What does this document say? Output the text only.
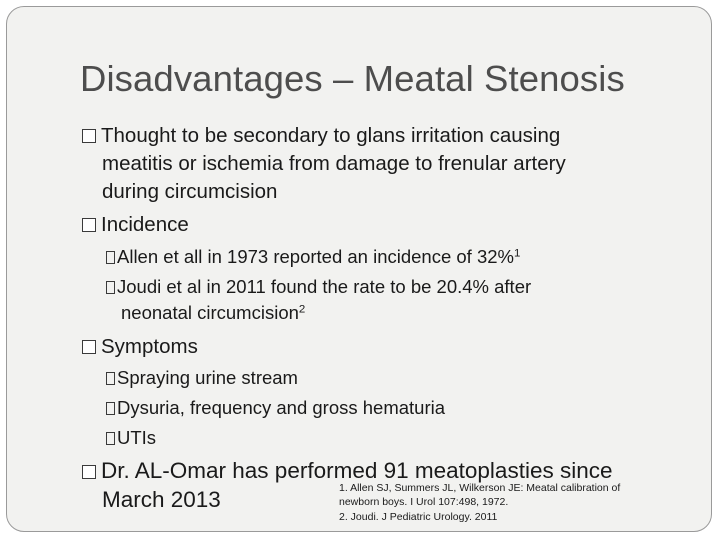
Disadvantages – Meatal Stenosis
Thought to be secondary to glans irritation causing
meatitis or ischemia from damage to frenular artery
during circumcision
Incidence
Allen et all in 1973 reported an incidence of 32%$^1$
Joudi et al in 2011 found the rate to be 20.4% after
neonatal circumcision$^2$
Symptoms
Spraying urine stream
Dysuria, frequency and gross hematuria
UTIs
Dr. AL-Omar has performed 91 meatoplasties since
March 2013	1. Allen SJ, Summers JL, Wilkerson JE: Meatal calibration of
newborn boys. I Urol 107:498, 1972.
2. Joudi. J Pediatric Urology. 2011
